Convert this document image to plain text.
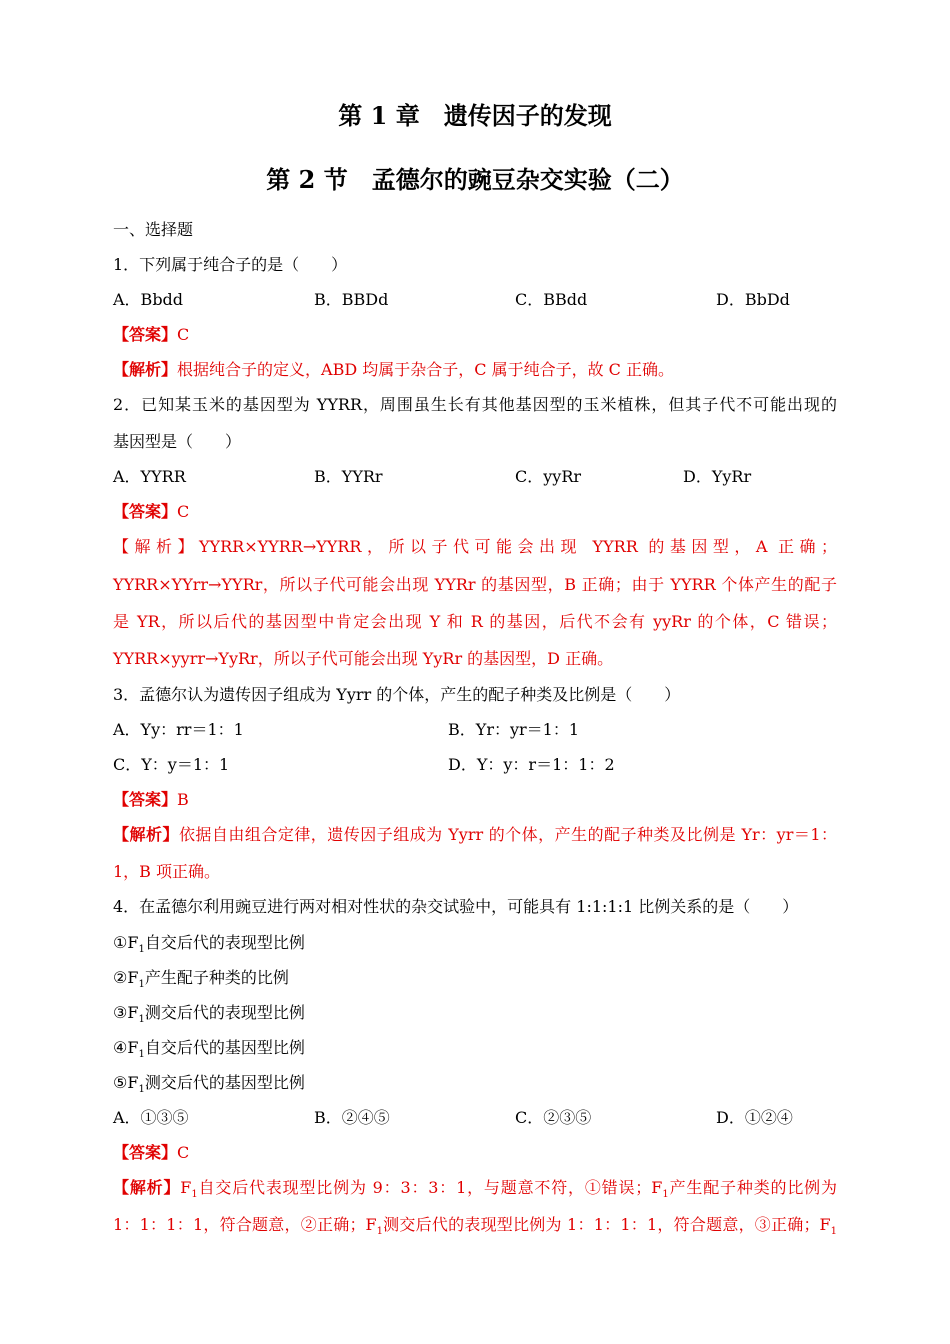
第 1 章　遗传因子的发现
第 2 节　孟德尔的豌豆杂交实验（二）
一、选择题
1．下列属于纯合子的是（　　）
A．Bbdd	B．BBDd	C．BBdd	D．BbDd
【答案】C
【解析】根据纯合子的定义，ABD 均属于杂合子，C 属于纯合子，故 C 正确。
2．已知某玉米的基因型为 YYRR，周围虽生长有其他基因型的玉米植株，但其子代不可能出现的
基因型是（　　）
A．YYRR	B．YYRr	C．yyRr	D．YyRr
【答案】C
【解析】YYRR×YYRR→YYRR，所以子代可能会出现 YYRR 的基因型，A 正确；
YYRR×YYrr→YYRr，所以子代可能会出现 YYRr 的基因型，B 正确；由于 YYRR 个体产生的配子
是 YR，所以后代的基因型中肯定会出现 Y 和 R 的基因，后代不会有 yyRr 的个体，C 错误；
YYRR×yyrr→YyRr，所以子代可能会出现 YyRr 的基因型，D 正确。
3．孟德尔认为遗传因子组成为 Yyrr 的个体，产生的配子种类及比例是（　　）
A．Yy：rr＝1：1	B．Yr：yr＝1：1
C．Y：y＝1：1	D．Y：y：r＝1：1：2
【答案】B
【解析】依据自由组合定律，遗传因子组成为 Yyrr 的个体，产生的配子种类及比例是 Yr：yr＝1：
1，B 项正确。
4．在孟德尔利用豌豆进行两对相对性状的杂交试验中，可能具有 1:1:1:1 比例关系的是（　　）
$①F_1$自交后代的表现型比例
$②F_1$产生配子种类的比例
$③F_1$测交后代的表现型比例
$④F_1$自交后代的基因型比例
$⑤F_1$测交后代的基因型比例
A．①③⑤	B．②④⑤	C．②③⑤	D．①②④
【答案】C
【解析】$F_1$自交后代表现型比例为 9：3：3：1，与题意不符，①错误；$F_1$产生配子种类的比例为
1：1：1：1，符合题意，②正确；$F_1$测交后代的表现型比例为 1：1：1：1，符合题意，③正确；$F_1$
